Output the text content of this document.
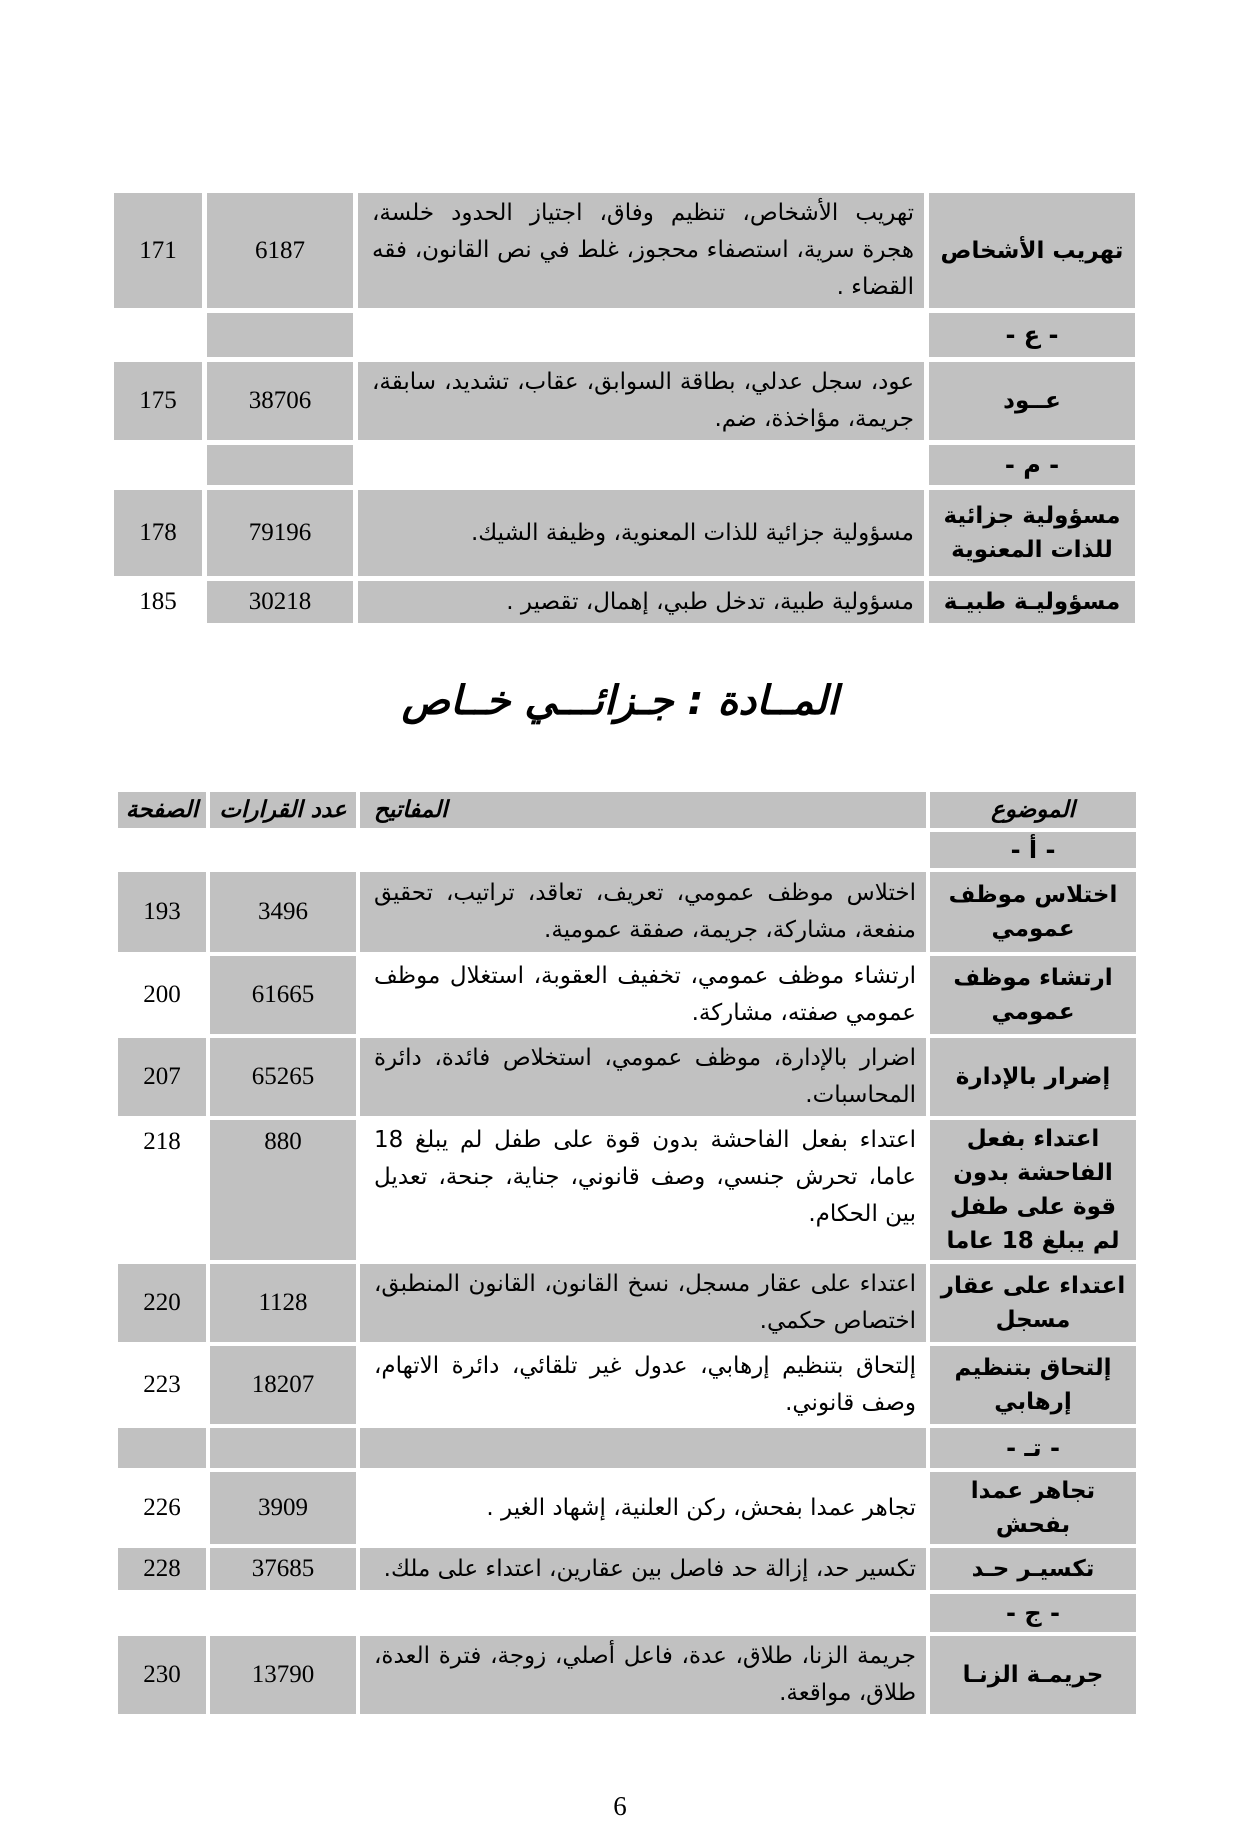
تهريب الأشخاص	تهريب الأشخاص، تنظيم وفاق، اجتياز الحدود خلسة، هجرة سرية، استصفاء محجوز، غلط في نص القانون، فقه القضاء .	6187	171
- ع -			
عــود	عود، سجل عدلي، بطاقة السوابق، عقاب، تشديد، سابقة، جريمة، مؤاخذة، ضم.	38706	175
- م -			
مسؤولية جزائية للذات المعنوية	مسؤولية جزائية للذات المعنوية، وظيفة الشيك.	79196	178
مسؤوليـة طبيـة	مسؤولية طبية، تدخل طبي، إهمال، تقصير .	30218	185
المــادة : جـزائـــي خــاص
الموضوع	المفاتيح	عدد القرارات	الصفحة
- أ -			
اختلاس موظف عمومي	اختلاس موظف عمومي، تعريف، تعاقد، تراتيب، تحقيق منفعة، مشاركة، جريمة، صفقة عمومية.	3496	193
ارتشاء موظف عمومي	ارتشاء موظف عمومي، تخفيف العقوبة، استغلال موظف عمومي صفته، مشاركة.	61665	200
إضرار بالإدارة	اضرار بالإدارة، موظف عمومي، استخلاص فائدة، دائرة المحاسبات.	65265	207
اعتداء بفعل الفاحشة بدون قوة على طفل لم يبلغ 18 عاما	اعتداء بفعل الفاحشة بدون قوة على طفل لم يبلغ 18 عاما، تحرش جنسي، وصف قانوني، جناية، جنحة، تعديل بين الحكام.	880	218
اعتداء على عقار مسجل	اعتداء على عقار مسجل، نسخ القانون، القانون المنطبق، اختصاص حكمي.	1128	220
إلتحاق بتنظيم إرهابي	إلتحاق بتنظيم إرهابي، عدول غير تلقائي، دائرة الاتهام، وصف قانوني.	18207	223
- تـ -			
تجاهر عمدا بفحش	تجاهر عمدا بفحش، ركن العلنية، إشهاد الغير .	3909	226
تكسيـر حـد	تكسير حد، إزالة حد فاصل بين عقارين، اعتداء على ملك.	37685	228
- ج -			
جريمـة الزنـا	جريمة الزنا، طلاق، عدة، فاعل أصلي، زوجة، فترة العدة، طلاق، مواقعة.	13790	230
6
